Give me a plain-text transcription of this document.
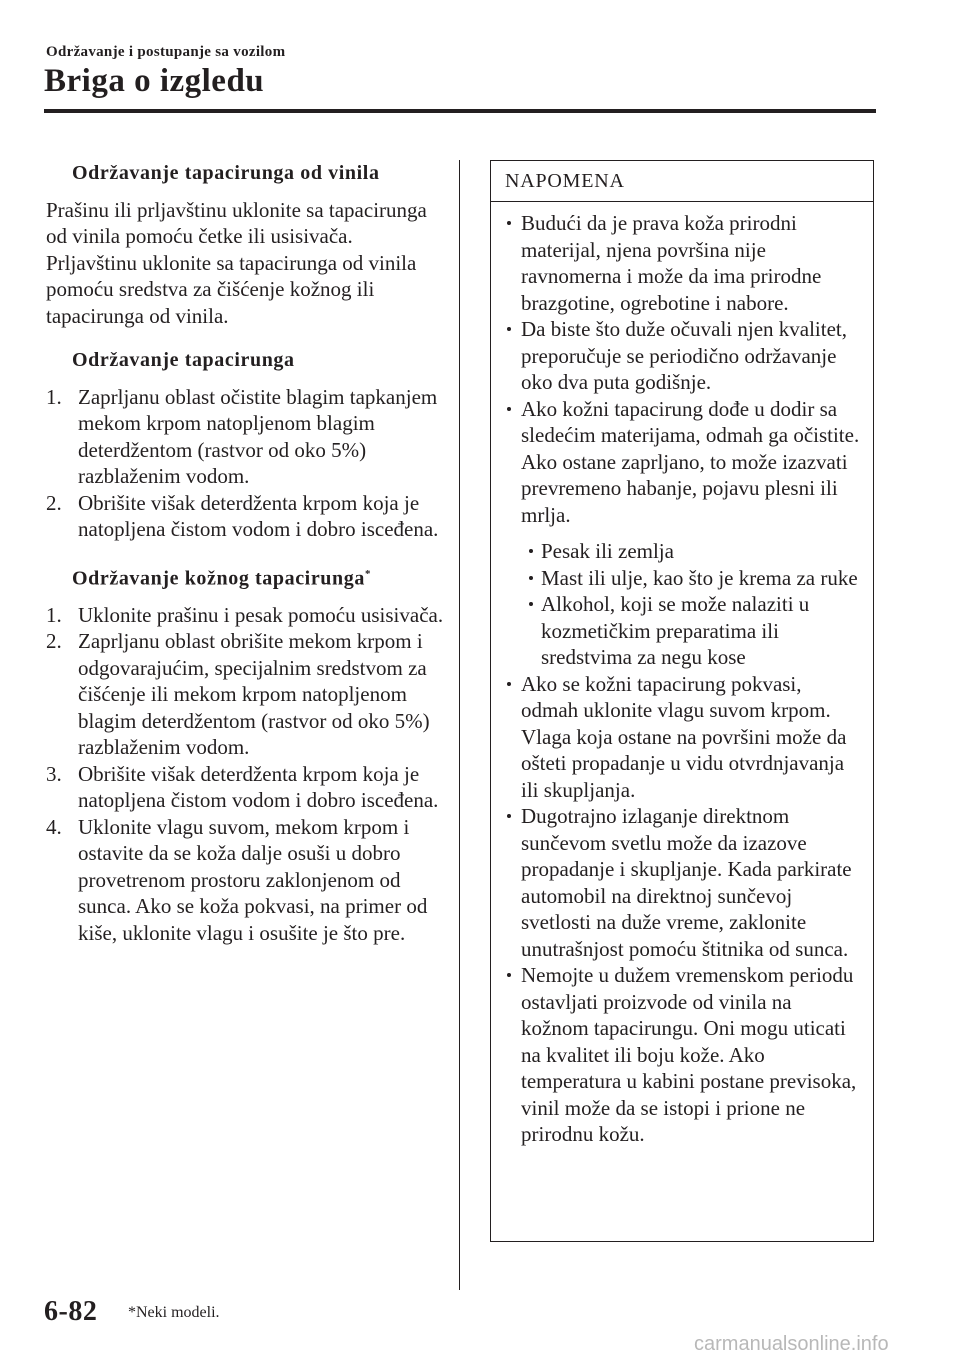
Održavanje i postupanje sa vozilom
Briga o izgledu
Održavanje tapacirunga od vinila

Prašinu ili prljavštinu uklonite sa tapacirunga od vinila pomoću četke ili usisivača.

Prljavštinu uklonite sa tapacirunga od vinila pomoću sredstva za čišćenje kožnog ili tapacirunga od vinila.

Održavanje tapacirunga
1. Zaprljanu oblast očistite blagim tapkanjem mekom krpom natopljenom blagim deterdžentom (rastvor od oko 5%) razblaženim vodom.
2. Obrišite višak deterdženta krpom koja je natopljena čistom vodom i dobro isceđena.
Održavanje kožnog tapacirunga*
1. Uklonite prašinu i pesak pomoću usisivača.
2. Zaprljanu oblast obrišite mekom krpom i odgovarajućim, specijalnim sredstvom za čišćenje ili mekom krpom natopljenom blagim deterdžentom (rastvor od oko 5%) razblaženim vodom.
3. Obrišite višak deterdženta krpom koja je natopljena čistom vodom i dobro isceđena.
4. Uklonite vlagu suvom, mekom krpom i ostavite da se koža dalje osuši u dobro provetrenom prostoru zaklonjenom od sunca. Ako se koža pokvasi, na primer od kiše, uklonite vlagu i osušite je što pre.
NAPOMENA
Budući da je prava koža prirodni materijal, njena površina nije ravnomerna i može da ima prirodne brazgotine, ogrebotine i nabore.
Da biste što duže očuvali njen kvalitet, preporučuje se periodično održavanje oko dva puta godišnje.
Ako kožni tapacirung dođe u dodir sa sledećim materijama, odmah ga očistite.
Ako ostane zaprljano, to može izazvati prevremeno habanje, pojavu plesni ili mrlja.
Pesak ili zemlja
Mast ili ulje, kao što je krema za ruke
Alkohol, koji se može nalaziti u kozmetičkim preparatima ili sredstvima za negu kose
Ako se kožni tapacirung pokvasi, odmah uklonite vlagu suvom krpom. Vlaga koja ostane na površini može da ošteti propadanje u vidu otvrdnjavanja ili skupljanja.
Dugotrajno izlaganje direktnom sunčevom svetlu može da izazove propadanje i skupljanje. Kada parkirate automobil na direktnoj sunčevoj svetlosti na duže vreme, zaklonite unutrašnjost pomoću štitnika od sunca.
Nemojte u dužem vremenskom periodu ostavljati proizvode od vinila na kožnom tapacirungu. Oni mogu uticati na kvalitet ili boju kože. Ako temperatura u kabini postane previsoka, vinil može da se istopi i prione ne prirodnu kožu.
6-82 *Neki modeli.
carmanualsonline.info
